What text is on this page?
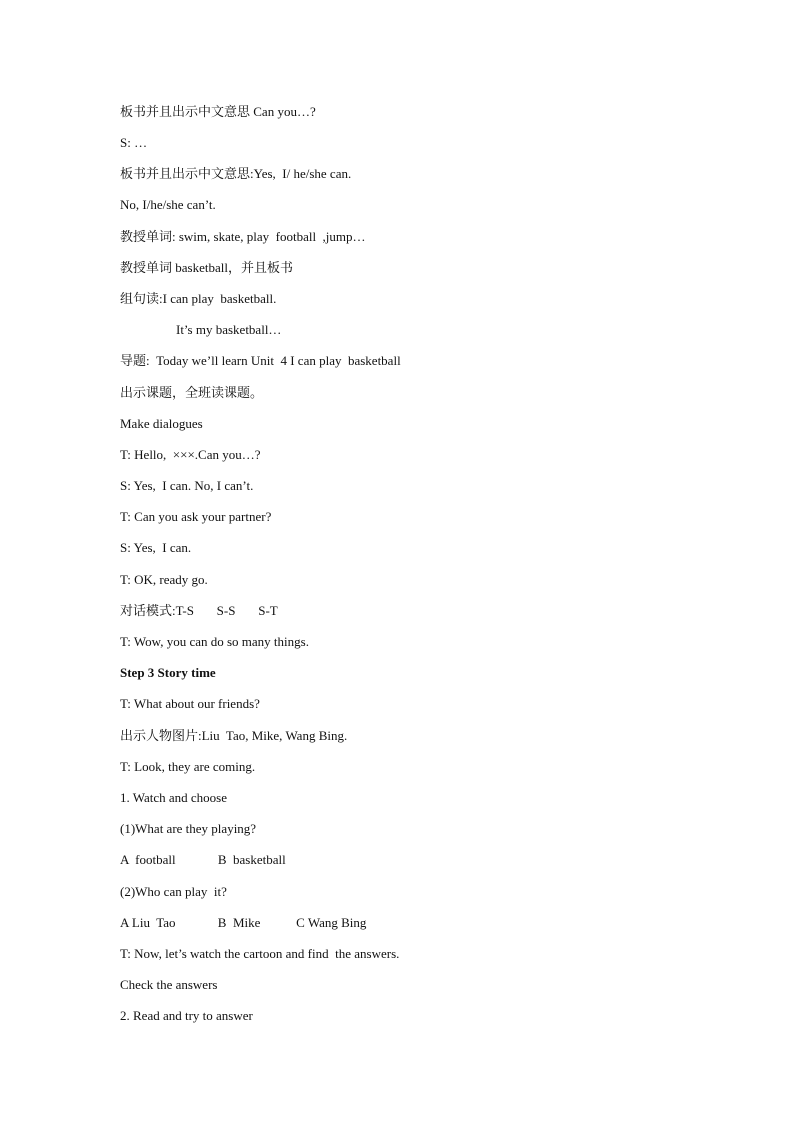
板书并且出示中文意思 Can you…?
S: …
板书并且出示中文意思:Yes,  I/ he/she can.
No, I/he/she can’t.
教授单词: swim, skate, play  football  ,jump…
教授单词 basketball，并且板书
组句读:I can play  basketball.
It’s my basketball…
导题:  Today we’ll learn Unit  4 I can play  basketball
出示课题，全班读课题。
Make dialogues
T: Hello,  ×××.Can you…?
S: Yes,  I can. No, I can’t.
T: Can you ask your partner?
S: Yes,  I can.
T: OK, ready go.
对话模式:T-S       S-S       S-T
T: Wow, you can do so many things.
Step 3 Story time
T: What about our friends?
出示人物图片:Liu  Tao, Mike, Wang Bing.
T: Look, they are coming.
1. Watch and choose
(1)What are they playing?
A  football             B  basketball
(2)Who can play  it?
A Liu  Tao             B  Mike           C Wang Bing
T: Now, let’s watch the cartoon and find  the answers.
Check the answers
2. Read and try to answer
